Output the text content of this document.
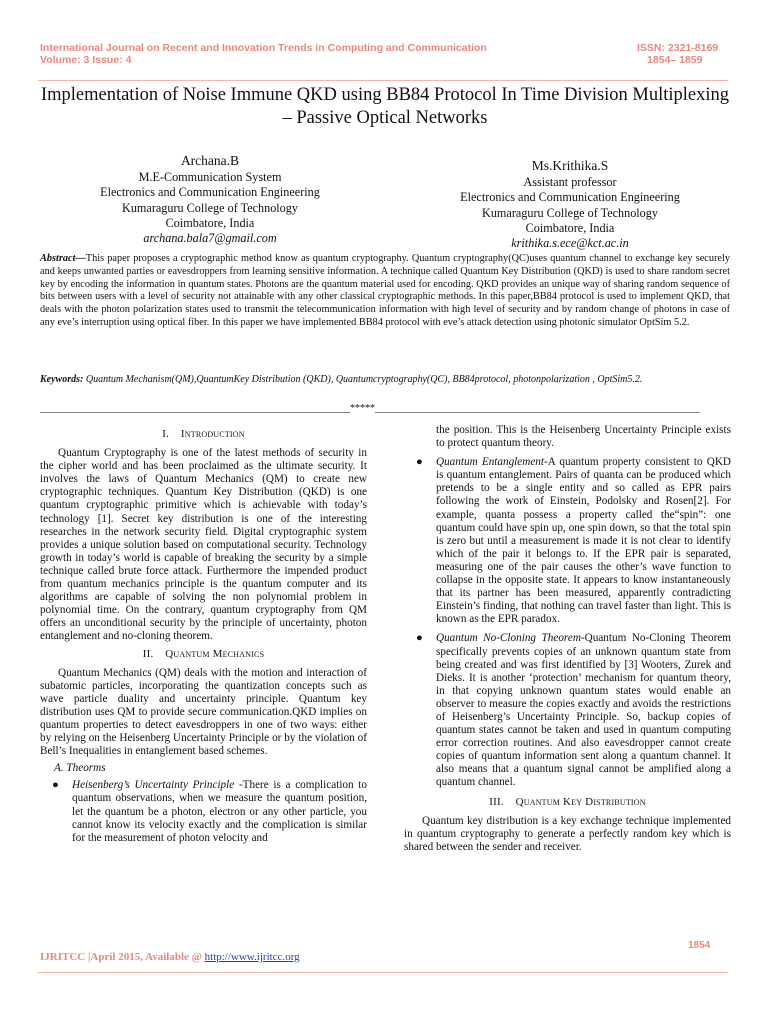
International Journal on Recent and Innovation Trends in Computing and Communication
Volume: 3 Issue: 4
ISSN: 2321-8169
1854– 1859
Implementation of Noise Immune QKD using BB84 Protocol In Time Division Multiplexing – Passive Optical Networks
Archana.B
M.E-Communication System
Electronics and Communication Engineering
Kumaraguru College of Technology
Coimbatore, India
archana.bala7@gmail.com
Ms.Krithika.S
Assistant professor
Electronics and Communication Engineering
Kumaraguru College of Technology
Coimbatore, India
krithika.s.ece@kct.ac.in
Abstract—This paper proposes a cryptographic method know as quantum cryptography. Quantum cryptography(QC)uses quantum channel to exchange key securely and keeps unwanted parties or eavesdroppers from learning sensitive information. A technique called Quantum Key Distribution (QKD) is used to share random secret key by encoding the information in quantum states. Photons are the quantum material used for encoding. QKD provides an unique way of sharing random sequence of bits between users with a level of security not attainable with any other classical cryptographic methods. In this paper,BB84 protocol is used to implement QKD, that deals with the photon polarization states used to transmit the telecommunication information with high level of security and by random change of photons in case of any eve’s interruption using optical fiber. In this paper we have implemented BB84 protocol with eve’s attack detection using photonic simulator OptSim 5.2.
Keywords: Quantum Mechanism(QM),QuantumKey Distribution (QKD), Quantumcryptography(QC), BB84protocol, photonpolarization , OptSim5.2.
______________________________________________________________*****_________________________________________________________________
I. Introduction

Quantum Cryptography is one of the latest methods of security in the cipher world and has been proclaimed as the ultimate security. It involves the laws of Quantum Mechanics (QM) to create new cryptographic techniques. Quantum Key Distribution (QKD) is one quantum cryptographic primitive which is achievable with today’s technology [1]. Secret key distribution is one of the interesting researches in the network security field. Digital cryptographic system provides a unique solution based on computational security. Technology growth in today’s world is capable of breaking the security by a simple technique called brute force attack. Furthermore the impended product from quantum mechanics principle is the quantum computer and its algorithms are capable of solving the non polynomial problem in polynomial time. On the contrary, quantum cryptography from QM offers an unconditional security by the principle of uncertainty, photon entanglement and no-cloning theorem.

II. Quantum Mechanics

Quantum Mechanics (QM) deals with the motion and interaction of subatomic particles, incorporating the quantization concepts such as wave particle duality and uncertainty principle. Quantum key distribution uses QM to provide secure communication.QKD implies on quantum properties to detect eavesdroppers in one of two ways: either by relying on the Heisenberg Uncertainty Principle or by the violation of Bell’s Inequalities in entanglement based schemes.

A. Theorms
● Heisenberg’s Uncertainty Principle -There is a complication to quantum observations, when we measure the quantum position, let the quantum be a photon, electron or any other particle, you cannot know its velocity exactly and the complication is similar for the measurement of photon velocity and
the position. This is the Heisenberg Uncertainty Principle exists to protect quantum theory.
● Quantum Entanglement-A quantum property consistent to QKD is quantum entanglement. Pairs of quanta can be produced which pretends to be a single entity and so called as EPR pairs following the work of Einstein, Podolsky and Rosen[2]. For example, quanta possess a property called the“spin”: one quantum could have spin up, one spin down, so that the total spin is zero but until a measurement is made it is not clear to identify which of the pair it belongs to. If the EPR pair is separated, measuring one of the pair causes the other’s wave function to collapse in the opposite state. It appears to know instantaneously that its partner has been measured, apparently contradicting Einstein’s finding, that nothing can travel faster than light. This is known as the EPR paradox.
● Quantum No-Cloning Theorem-Quantum No-Cloning Theorem specifically prevents copies of an unknown quantum state from being created and was first identified by [3] Wooters, Zurek and Dieks. It is another ‘protection’ mechanism for quantum theory, in that copying unknown quantum states would enable an observer to measure the copies exactly and avoids the restrictions of Heisenberg’s Uncertainty Principle. So, backup copies of quantum states cannot be taken and used in quantum computing error correction routines. And also eavesdropper cannot create copies of quantum information sent along a quantum channel. It also means that a quantum signal cannot be amplified along a quantum channel.
III. Quantum Key Distribution

Quantum key distribution is a key exchange technique implemented in quantum cryptography to generate a perfectly random key which is shared between the sender and receiver.

1854
IJRITCC |April 2015, Available @ http://www.ijritcc.org
